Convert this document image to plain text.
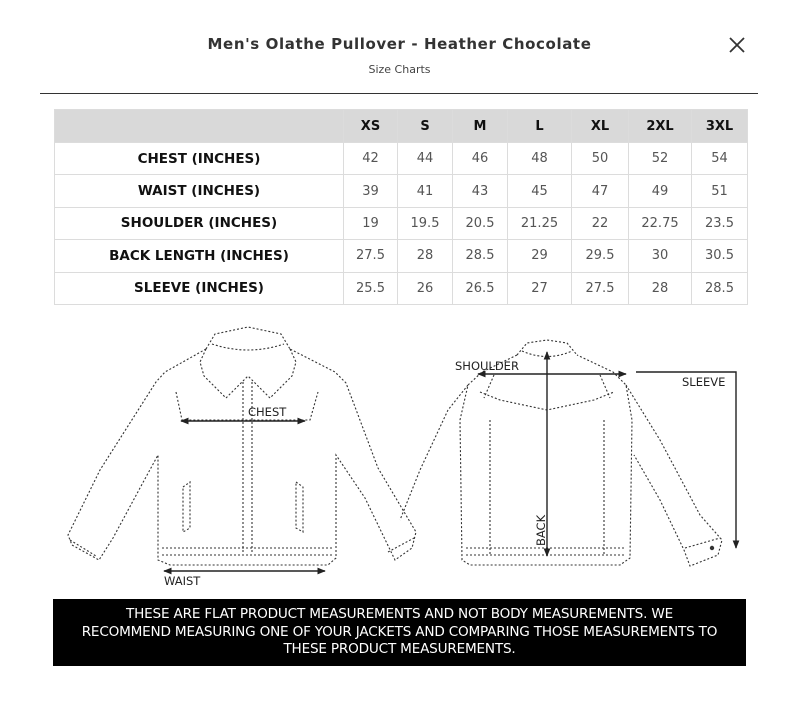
Men's Olathe Pullover - Heather Chocolate
Size Charts
	XS	S	M	L	XL	2XL	3XL
CHEST (INCHES)	42	44	46	48	50	52	54
WAIST (INCHES)	39	41	43	45	47	49	51
SHOULDER (INCHES)	19	19.5	20.5	21.25	22	22.75	23.5
BACK LENGTH (INCHES)	27.5	28	28.5	29	29.5	30	30.5
SLEEVE (INCHES)	25.5	26	26.5	27	27.5	28	28.5
CHEST
WAIST
SHOULDER
SLEEVE
BACK
THESE ARE FLAT PRODUCT MEASUREMENTS AND NOT BODY MEASUREMENTS. WE RECOMMEND MEASURING ONE OF YOUR JACKETS AND COMPARING THOSE MEASUREMENTS TO THESE PRODUCT MEASUREMENTS.
